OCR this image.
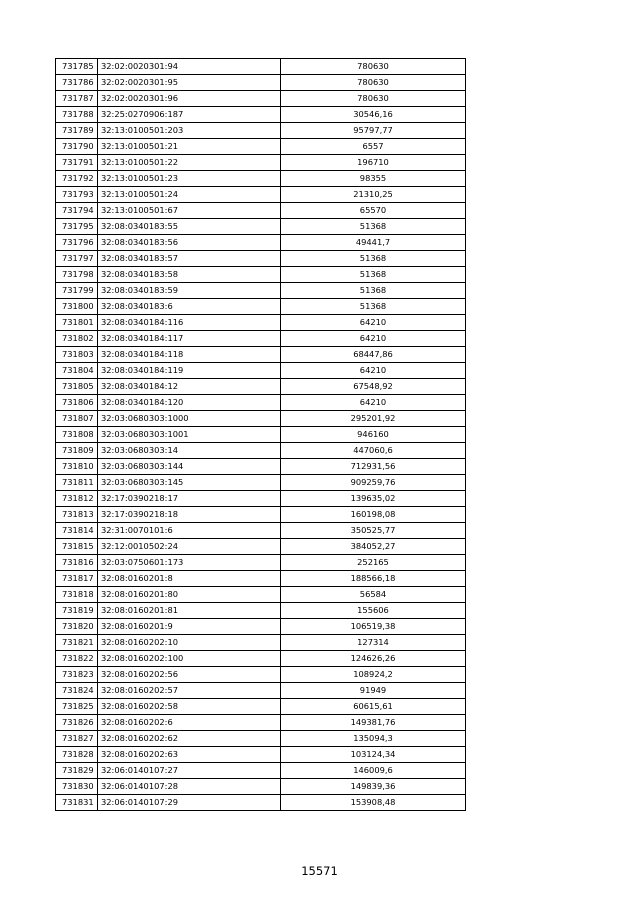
731785	32:02:0020301:94	780630
731786	32:02:0020301:95	780630
731787	32:02:0020301:96	780630
731788	32:25:0270906:187	30546,16
731789	32:13:0100501:203	95797,77
731790	32:13:0100501:21	6557
731791	32:13:0100501:22	196710
731792	32:13:0100501:23	98355
731793	32:13:0100501:24	21310,25
731794	32:13:0100501:67	65570
731795	32:08:0340183:55	51368
731796	32:08:0340183:56	49441,7
731797	32:08:0340183:57	51368
731798	32:08:0340183:58	51368
731799	32:08:0340183:59	51368
731800	32:08:0340183:6	51368
731801	32:08:0340184:116	64210
731802	32:08:0340184:117	64210
731803	32:08:0340184:118	68447,86
731804	32:08:0340184:119	64210
731805	32:08:0340184:12	67548,92
731806	32:08:0340184:120	64210
731807	32:03:0680303:1000	295201,92
731808	32:03:0680303:1001	946160
731809	32:03:0680303:14	447060,6
731810	32:03:0680303:144	712931,56
731811	32:03:0680303:145	909259,76
731812	32:17:0390218:17	139635,02
731813	32:17:0390218:18	160198,08
731814	32:31:0070101:6	350525,77
731815	32:12:0010502:24	384052,27
731816	32:03:0750601:173	252165
731817	32:08:0160201:8	188566,18
731818	32:08:0160201:80	56584
731819	32:08:0160201:81	155606
731820	32:08:0160201:9	106519,38
731821	32:08:0160202:10	127314
731822	32:08:0160202:100	124626,26
731823	32:08:0160202:56	108924,2
731824	32:08:0160202:57	91949
731825	32:08:0160202:58	60615,61
731826	32:08:0160202:6	149381,76
731827	32:08:0160202:62	135094,3
731828	32:08:0160202:63	103124,34
731829	32:06:0140107:27	146009,6
731830	32:06:0140107:28	149839,36
731831	32:06:0140107:29	153908,48
15571
